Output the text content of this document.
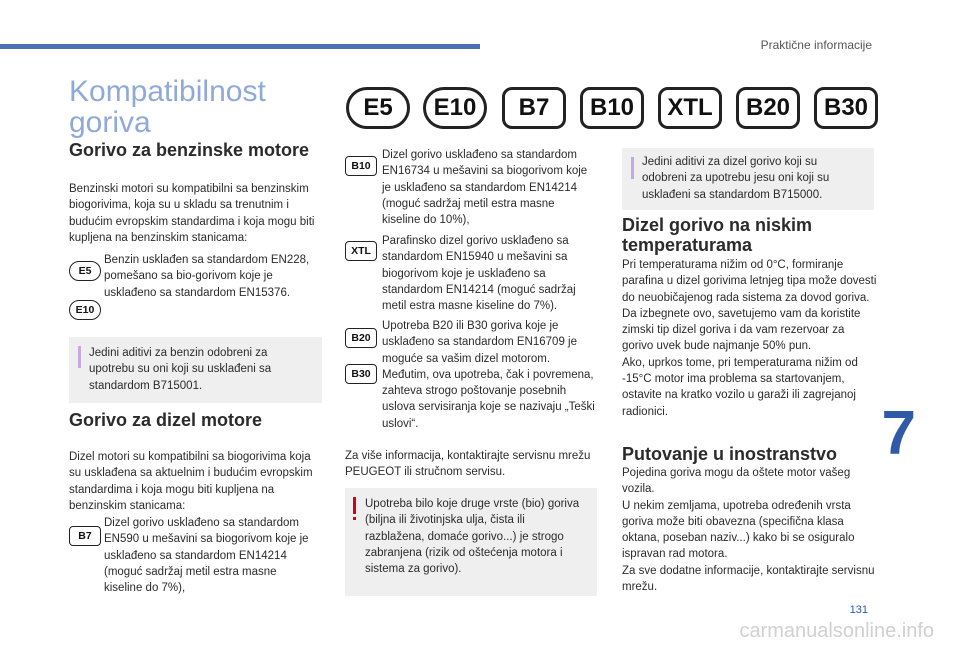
Praktične informacije
Kompatibilnost goriva	E5	E10	B7	B10	XTL	B20	B30
Gorivo za benzinske motore
Benzinski motori su kompatibilni sa benzinskim biogorivima, koja su u skladu sa trenutnim i budućim evropskim standardima i koja mogu biti kupljena na benzinskim stanicama:
E5
E10
Benzin usklađen sa standardom EN228, pomešano sa bio-gorivom koje je usklađeno sa standardom EN15376.
Jedini aditivi za benzin odobreni za upotrebu su oni koji su usklađeni sa standardom B715001.
Gorivo za dizel motore
Dizel motori su kompatibilni sa biogorivima koja su usklađena sa aktuelnim i budućim evropskim standardima i koja mogu biti kupljena na benzinskim stanicama:
B7
Dizel gorivo usklađeno sa standardom EN590 u mešavini sa biogorivom koje je usklađeno sa standardom EN14214 (moguć sadržaj metil estra masne kiseline do 7%),
B10
Dizel gorivo usklađeno sa standardom EN16734 u mešavini sa biogorivom koje je usklađeno sa standardom EN14214 (moguć sadržaj metil estra masne kiseline do 10%),
XTL
Parafinsko dizel gorivo usklađeno sa standardom EN15940 u mešavini sa biogorivom koje je usklađeno sa standardom EN14214 (moguć sadržaj metil estra masne kiseline do 7%).
B20
B30
Upotreba B20 ili B30 goriva koje je usklađeno sa standardom EN16709 je moguće sa vašim dizel motorom. Međutim, ova upotreba, čak i povremena, zahteva strogo poštovanje posebnih uslova servisiranja koje se nazivaju „Teški uslovi“.
Za više informacija, kontaktirajte servisnu mrežu PEUGEOT ili stručnom servisu.
Upotreba bilo koje druge vrste (bio) goriva (biljna ili životinjska ulja, čista ili razblažena, domaće gorivo...) je strogo zabranjena (rizik od oštećenja motora i sistema za gorivo).
Jedini aditivi za dizel gorivo koji su odobreni za upotrebu jesu oni koji su usklađeni sa standardom B715000.
Dizel gorivo na niskim temperaturama
Pri temperaturama nižim od 0°C, formiranje parafina u dizel gorivima letnjeg tipa može dovesti do neuobičajenog rada sistema za dovod goriva. Da izbegnete ovo, savetujemo vam da koristite zimski tip dizel goriva i da vam rezervoar za gorivo uvek bude najmanje 50% pun.
Ako, uprkos tome, pri temperaturama nižim od -15°C motor ima problema sa startovanjem, ostavite na kratko vozilo u garaži ili zagrejanoj radionici.
Putovanje u inostranstvo
Pojedina goriva mogu da oštete motor vašeg vozila.
U nekim zemljama, upotreba određenih vrsta goriva može biti obavezna (specifična klasa oktana, poseban naziv...) kako bi se osiguralo ispravan rad motora.
Za sve dodatne informacije, kontaktirajte servisnu mrežu.
7
131
carmanualsonline.info
